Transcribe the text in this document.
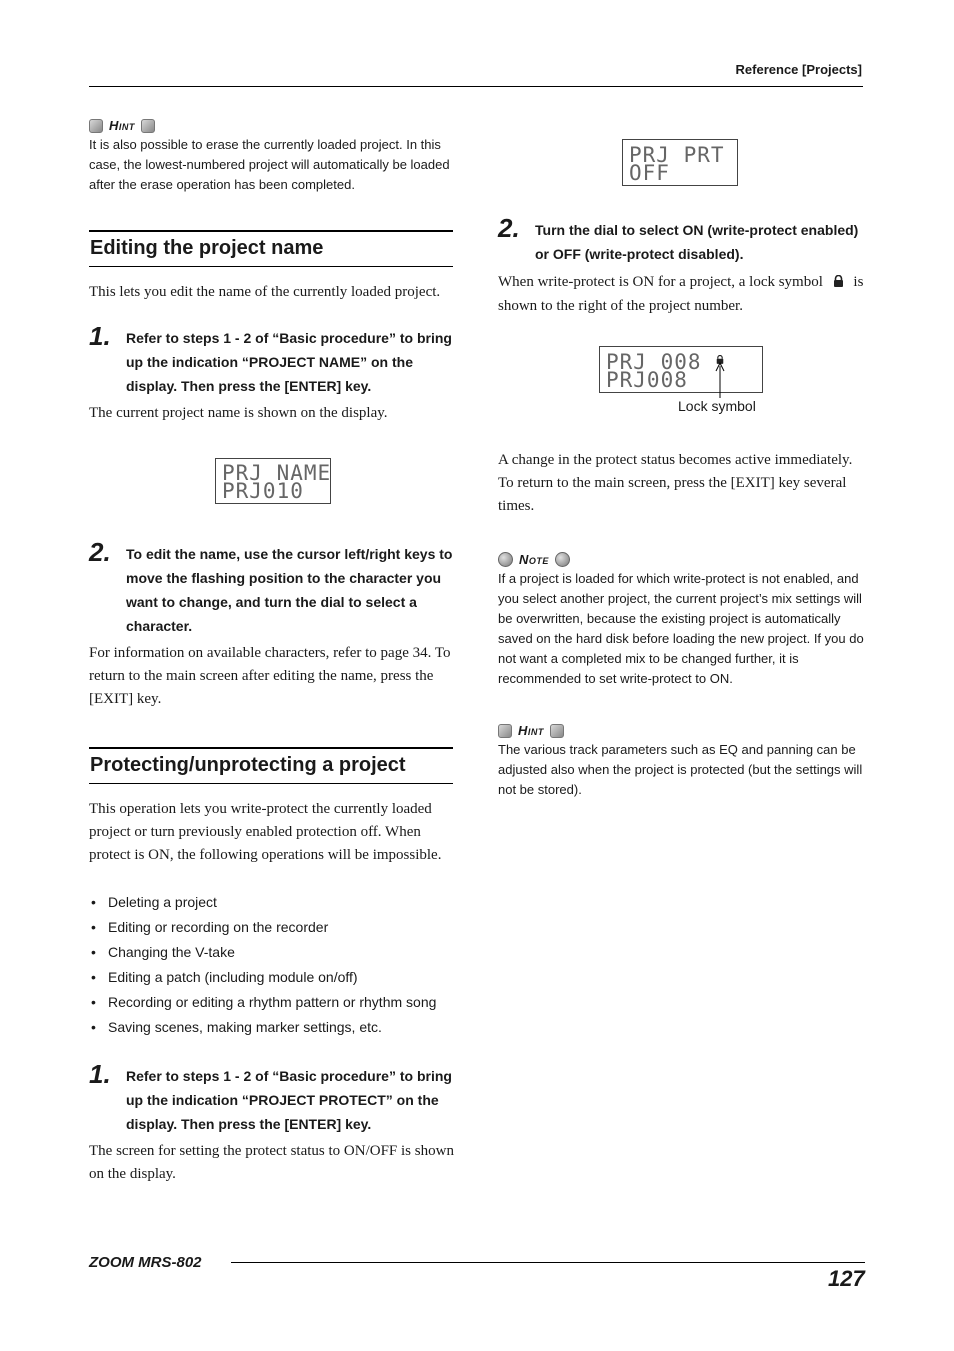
Reference [Projects]
Hint
It is also possible to erase the currently loaded project. In this case, the lowest-numbered project will automatically be loaded after the erase operation has been completed.
Editing the project name
This lets you edit the name of the currently loaded project.
1. Refer to steps 1 - 2 of “Basic procedure” to bring up the indication “PROJECT NAME” on the display. Then press the [ENTER] key.
The current project name is shown on the display.
PRJ NAME
PRJ010
2. To edit the name, use the cursor left/right keys to move the flashing position to the character you want to change, and turn the dial to select a character.
For information on available characters, refer to page 34. To return to the main screen after editing the name, press the [EXIT] key.
Protecting/unprotecting a project
This operation lets you write-protect the currently loaded project or turn previously enabled protection off. When protect is ON, the following operations will be impossible.
• Deleting a project
• Editing or recording on the recorder
• Changing the V-take
• Editing a patch (including module on/off)
• Recording or editing a rhythm pattern or rhythm song
• Saving scenes, making marker settings, etc.
1. Refer to steps 1 - 2 of “Basic procedure” to bring up the indication “PROJECT PROTECT” on the display. Then press the [ENTER] key.
The screen for setting the protect status to ON/OFF is shown on the display.
PRJ PRT
OFF
2. Turn the dial to select ON (write-protect enabled) or OFF (write-protect disabled).
When write-protect is ON for a project, a lock symbol is shown to the right of the project number.
PRJ 008
PRJ008
Lock symbol
A change in the protect status becomes active immediately. To return to the main screen, press the [EXIT] key several times.
Note
If a project is loaded for which write-protect is not enabled, and you select another project, the current project’s mix settings will be overwritten, because the existing project is automatically saved on the hard disk before loading the new project. If you do not want a completed mix to be changed further, it is recommended to set write-protect to ON.
Hint
The various track parameters such as EQ and panning can be adjusted also when the project is protected (but the settings will not be stored).
ZOOM MRS-802
127
